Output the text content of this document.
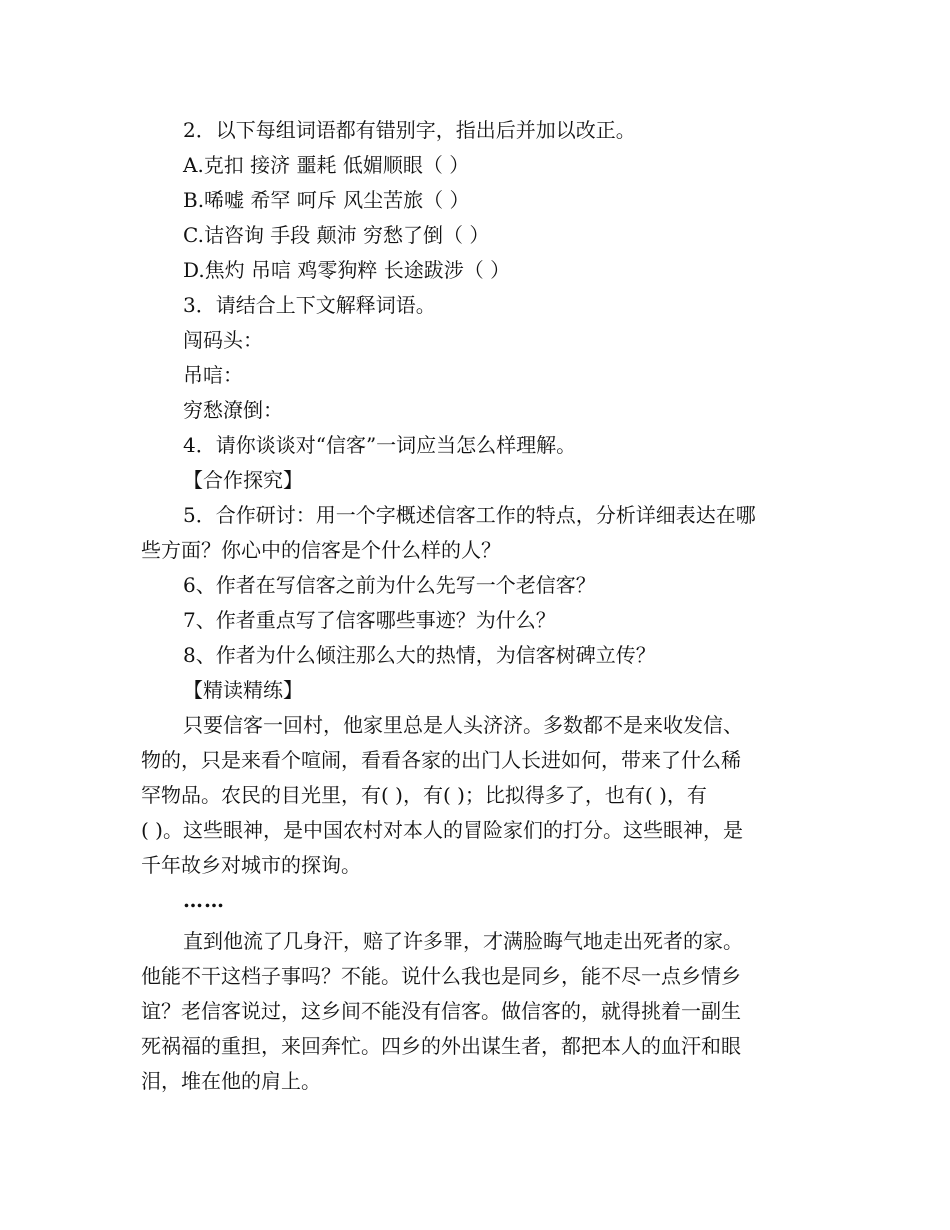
2．以下每组词语都有错别字，指出后并加以改正。
A.克扣 接济 噩耗 低媚顺眼（ ）
B.唏嘘 希罕 呵斥 风尘苦旅（ ）
C.诘咨询 手段 颠沛 穷愁了倒（ ）
D.焦灼 吊唁 鸡零狗粹 长途跋涉（ ）
3．请结合上下文解释词语。
闯码头：
吊唁：
穷愁潦倒：
4．请你谈谈对“信客”一词应当怎么样理解。
【合作探究】
5．合作研讨：用一个字概述信客工作的特点，分析详细表达在哪
些方面？你心中的信客是个什么样的人？
6、作者在写信客之前为什么先写一个老信客？
7、作者重点写了信客哪些事迹？为什么？
8、作者为什么倾注那么大的热情，为信客树碑立传？
【精读精练】
只要信客一回村，他家里总是人头济济。多数都不是来收发信、
物的，只是来看个喧闹，看看各家的出门人长进如何，带来了什么稀
罕物品。农民的目光里，有( )，有( )；比拟得多了，也有( )，有
( )。这些眼神，是中国农村对本人的冒险家们的打分。这些眼神，是
千年故乡对城市的探询。
……
直到他流了几身汗，赔了许多罪，才满脸晦气地走出死者的家。
他能不干这档子事吗？不能。说什么我也是同乡，能不尽一点乡情乡
谊？老信客说过，这乡间不能没有信客。做信客的，就得挑着一副生
死祸福的重担，来回奔忙。四乡的外出谋生者，都把本人的血汗和眼
泪，堆在他的肩上。
